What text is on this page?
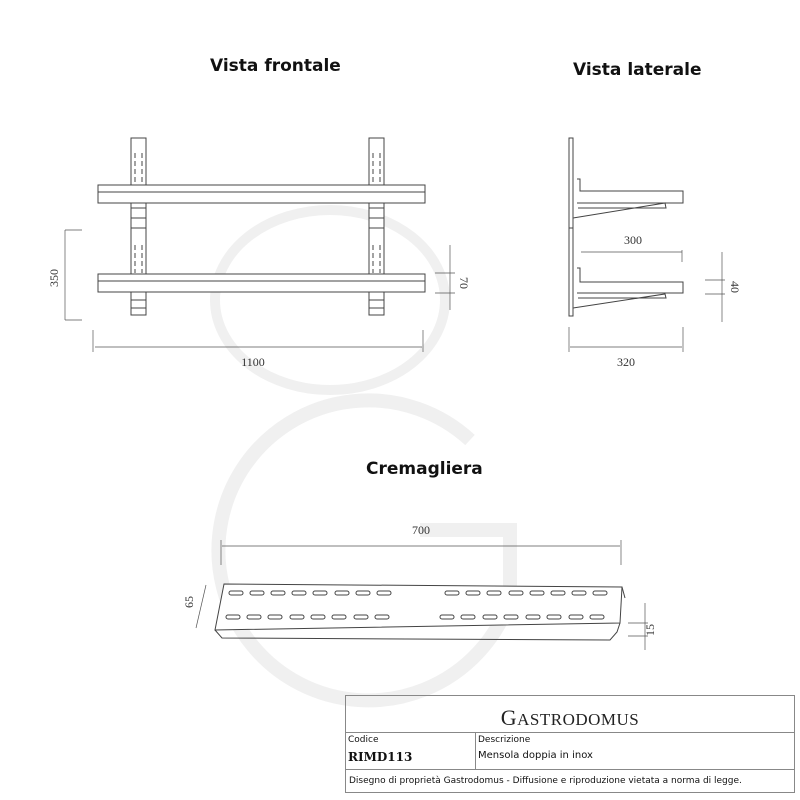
350
1100
70
300
320
40
700
65
15
Vista frontale	Vista laterale
Cremagliera
GASTRODOMUS
Codice
RIMD113
Descrizione
Mensola doppia in inox
Disegno di proprietà Gastrodomus - Diffusione e riproduzione vietata a norma di legge.
